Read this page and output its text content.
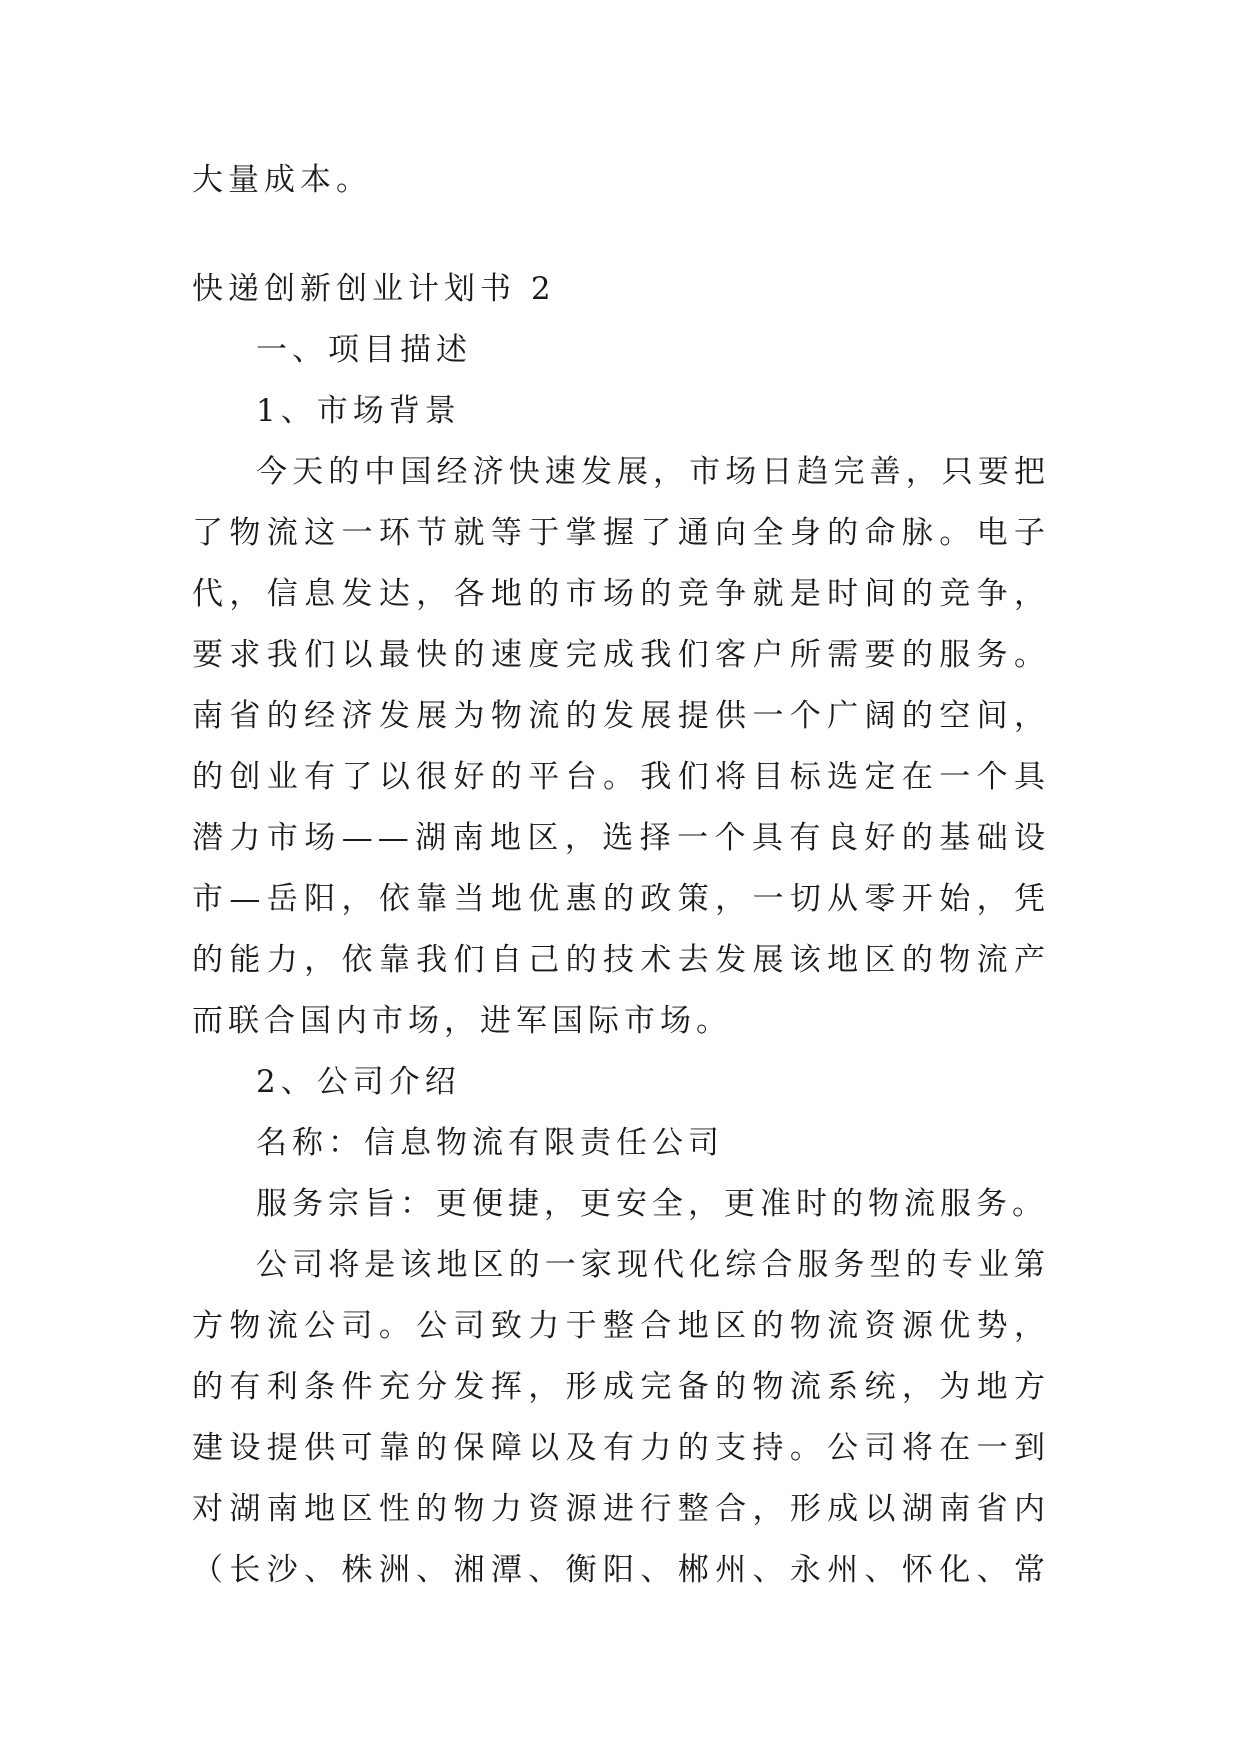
大量成本。
快递创新创业计划书 2
一、项目描述
1、市场背景
今天的中国经济快速发展，市场日趋完善，只要把
了物流这一环节就等于掌握了通向全身的命脉。电子
代，信息发达，各地的市场的竞争就是时间的竞争，
要求我们以最快的速度完成我们客户所需要的服务。
南省的经济发展为物流的发展提供一个广阔的空间，
的创业有了以很好的平台。我们将目标选定在一个具
潜力市场——湖南地区，选择一个具有良好的基础设
市—岳阳，依靠当地优惠的政策，一切从零开始，凭
的能力，依靠我们自己的技术去发展该地区的物流产
而联合国内市场，进军国际市场。
2、公司介绍
名称：信息物流有限责任公司
服务宗旨：更便捷，更安全，更准时的物流服务。
公司将是该地区的一家现代化综合服务型的专业第
方物流公司。公司致力于整合地区的物流资源优势，
的有利条件充分发挥，形成完备的物流系统，为地方
建设提供可靠的保障以及有力的支持。公司将在一到
对湖南地区性的物力资源进行整合，形成以湖南省内
（长沙、株洲、湘潭、衡阳、郴州、永州、怀化、常
